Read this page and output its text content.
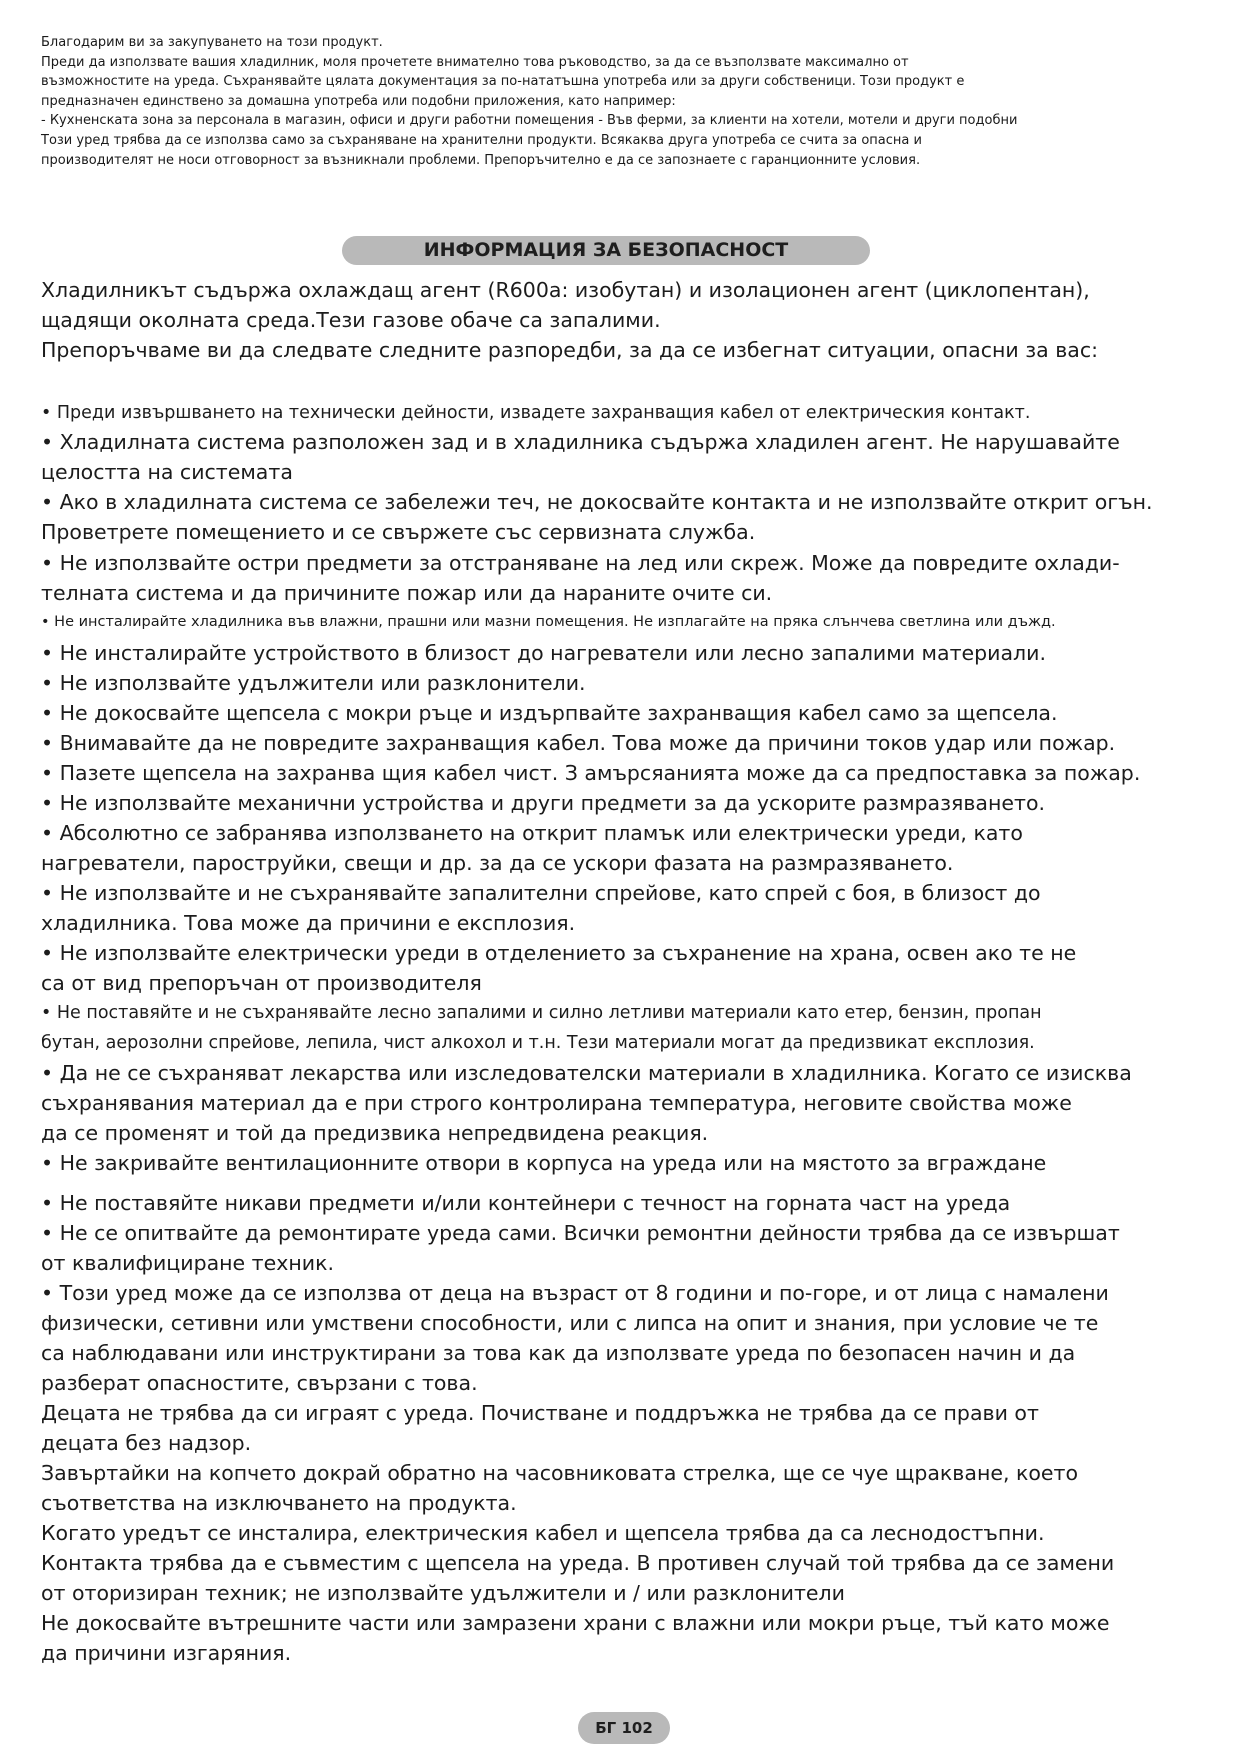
Благодарим ви за закупуването на този продукт.

Преди да използвате вашия хладилник, моля прочетете внимателно това ръководство, за да се възползвате максимално от

възможностите на уреда. Съхранявайте цялата документация за по-нататъшна употреба или за други собственици. Този продукт е

предназначен единствено за домашна употреба или подобни приложения, като например:

- Кухненската зона за персонала в магазин, офиси и други работни помещения

- Във ферми, за клиенти на хотели, мотели и други подобни

Този уред трябва да се използва само за съхраняване на хранителни продукти. Всякаква друга употреба се счита за опасна и

производителят не носи отговорност за възникнали проблеми. Препоръчително е да се запознаете с гаранционните условия.

ИНФОРМАЦИЯ ЗА БЕЗОПАСНОСТ
Хладилникът съдържа охлаждащ агент (R600a: изобутан) и изолационен агент (циклопентан),
щадящи околната среда.Тези газове обаче са запалими.
Препоръчваме ви да следвате следните разпоредби, за да се избегнат ситуации, опасни за вас:
• Преди извършването на технически дейности, извадете захранващия кабел от електрическия контакт.
• Хладилната система разположен зад и в хладилника съдържа хладилен агент. Не нарушавайте
целостта на системата
• Ако в хладилната система се забележи теч, не докосвайте контакта и не използвайте открит огън.
Проветрете помещението и се свържете със сервизната служба.
• Не използвайте остри предмети за отстраняване на лед или скреж. Може да повредите охлади-
телната система и да причините пожар или да нараните очите си.
• Не инсталирайте хладилника във влажни, прашни или мазни помещения. Не изплагайте на пряка слънчева светлина или дъжд.
• Не инсталирайте устройството в близост до нагреватели или лесно запалими материали.
• Не използвайте удължители или разклонители.
• Не докосвайте щепсела с мокри ръце и издърпвайте захранващия кабел само за щепсела.
• Внимавайте да не повредите захранващия кабел. Това може да причини токов удар или пожар.
• Пазете щепсела на захранва щия кабел чист. З амърсяанията може да са предпоставка за пожар.
• Не използвайте механични устройства и други предмети за да ускорите размразяването.
• Абсолютно се забранява използването на открит пламък или електрически уреди, като
нагреватели, пароструйки, свещи и др. за да се ускори фазата на размразяването.
• Не използвайте и не съхранявайте запалителни спрейове, като спрей с боя, в близост до
хладилника. Това може да причини е експлозия.
• Не използвайте електрически уреди в отделението за съхранение на храна, освен ако те не
са от вид препоръчан от производителя
• Не поставяйте и не съхранявайте лесно запалими и силно летливи материали като етер, бензин, пропан
бутан, аерозолни спрейове, лепила, чист алкохол и т.н. Тези материали могат да предизвикат експлозия.
• Да не се съхраняват лекарства или изследователски материали в хладилника. Когато се изисква
съхранявания материал да е при строго контролирана температура, неговите свойства може
да се променят и той да предизвика непредвидена реакция.
• Не закривайте вентилационните отвори в корпуса на уреда или на мястото за вграждане
• Не поставяйте никави предмети и/или контейнери с течност на горната част на уреда
• Не се опитвайте да ремонтирате уреда сами. Всички ремонтни дейности трябва да се извършат
от квалифициране техник.
• Този уред може да се използва от деца на възраст от 8 години и по-горе, и от лица с намалени
физически, сетивни или умствени способности, или с липса на опит и знания, при условие че те
са наблюдавани или инструктирани за това как да използвате уреда по безопасен начин и да
разберат опасностите, свързани с това.
Децата не трябва да си играят с уреда. Почистване и поддръжка не трябва да се прави от
децата без надзор.
Завъртайки на копчето докрай обратно на часовниковата стрелка, ще се чуе щракване, което
съответства на изключването на продукта.
Когато уредът се инсталира, електрическия кабел и щепсела трябва да са леснодостъпни.
Контакта трябва да е съвместим с щепсела на уреда. В противен случай той трябва да се замени
от оторизиран техник; не използвайте удължители и / или разклонители
Не докосвайте вътрешните части или замразени храни с влажни или мокри ръце, тъй като може
да причини изгаряния.
БГ 102
